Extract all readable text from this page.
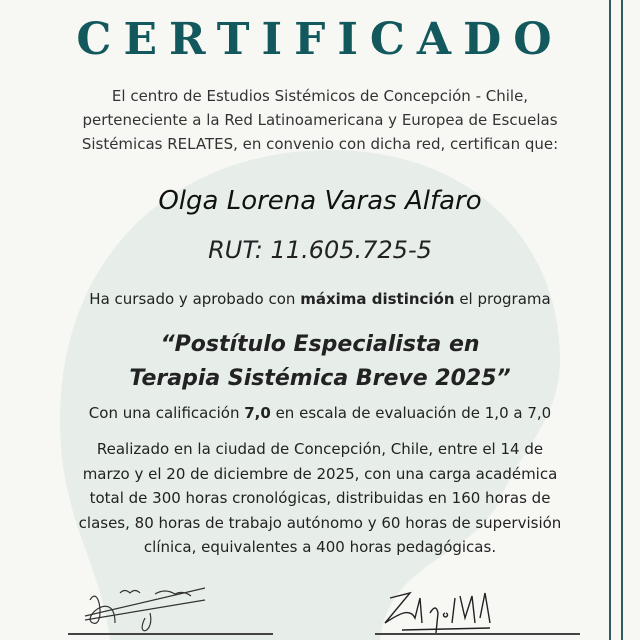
CERTIFICADO
El centro de Estudios Sistémicos de Concepción - Chile,
perteneciente a la Red Latinoamericana y Europea de Escuelas
Sistémicas RELATES, en convenio con dicha red, certifican que:
Olga Lorena Varas Alfaro
RUT: 11.605.725-5
Ha cursado y aprobado con máxima distinción el programa
“Postítulo Especialista en
Terapia Sistémica Breve 2025”
Con una calificación 7,0 en escala de evaluación de 1,0 a 7,0
Realizado en la ciudad de Concepción, Chile, entre el 14 de
marzo y el 20 de diciembre de 2025, con una carga académica
total de 300 horas cronológicas, distribuidas en 160 horas de
clases, 80 horas de trabajo autónomo y 60 horas de supervisión
clínica, equivalentes a 400 horas pedagógicas.
